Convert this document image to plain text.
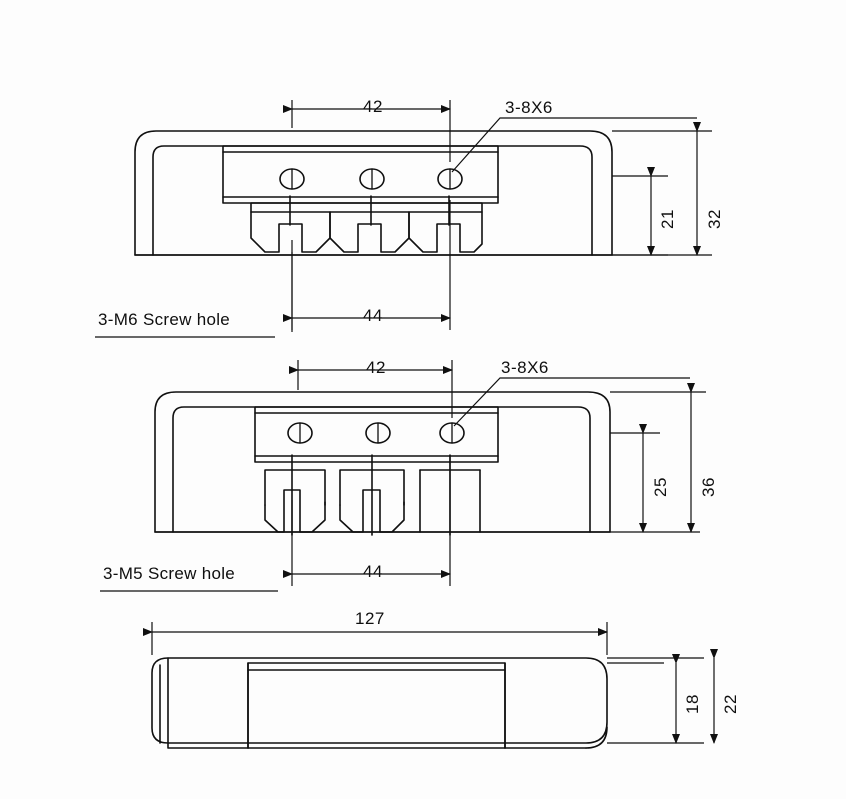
42	3-8X6
44
3-M6 Screw hole
21 32
42	3-8X6
44
3-M5 Screw hole
25 36
127
18 22
